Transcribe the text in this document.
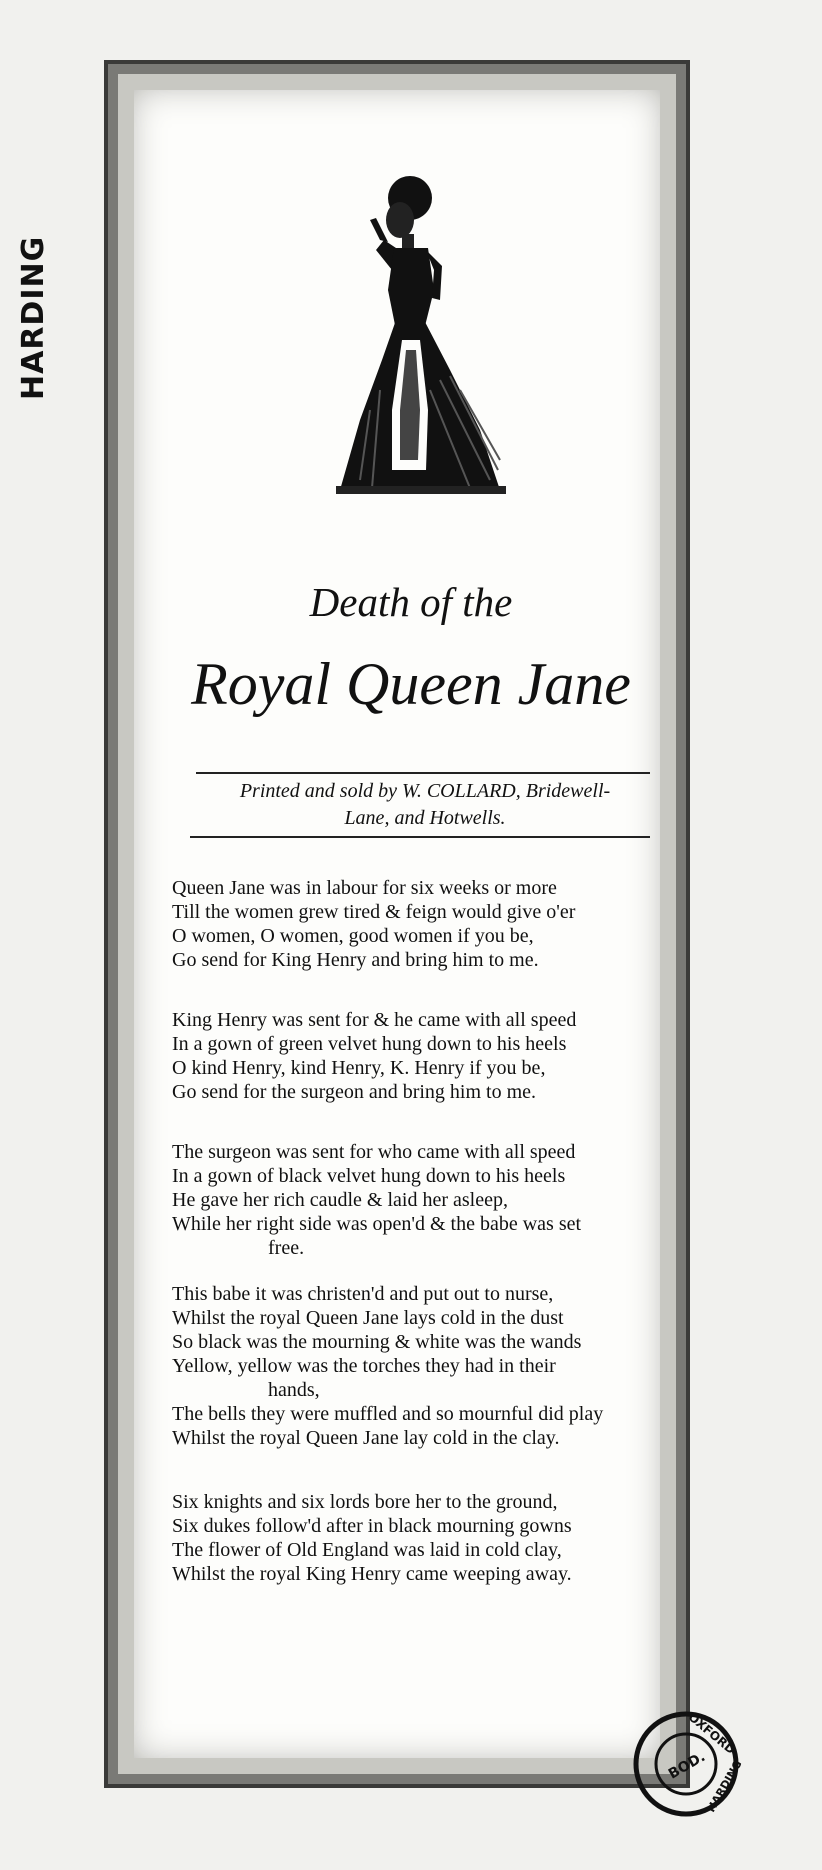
HARDING
Death of the
Royal Queen Jane
Printed and sold by W. COLLARD, Bridewell-
Lane, and Hotwells.
Queen Jane was in labour for six weeks or more
Till the women grew tired & feign would give o'er
O women, O women, good women if you be,
Go send for King Henry and bring him to me.
King Henry was sent for & he came with all speed
In a gown of green velvet hung down to his heels
O kind Henry, kind Henry, K. Henry if you be,
Go send for the surgeon and bring him to me.
The surgeon was sent for who came with all speed
In a gown of black velvet hung down to his heels
He gave her rich caudle & laid her asleep,
While her right side was open'd & the babe was set
free.
This babe it was christen'd and put out to nurse,
Whilst the royal Queen Jane lays cold in the dust
So black was the mourning & white was the wands
Yellow, yellow was the torches they had in their
hands,
The bells they were muffled and so mournful did play
Whilst the royal Queen Jane lay cold in the clay.
Six knights and six lords bore her to the ground,
Six dukes follow'd after in black mourning gowns
The flower of Old England was laid in cold clay,
Whilst the royal King Henry came weeping away.
BOD.
OXFORD
HARDING
